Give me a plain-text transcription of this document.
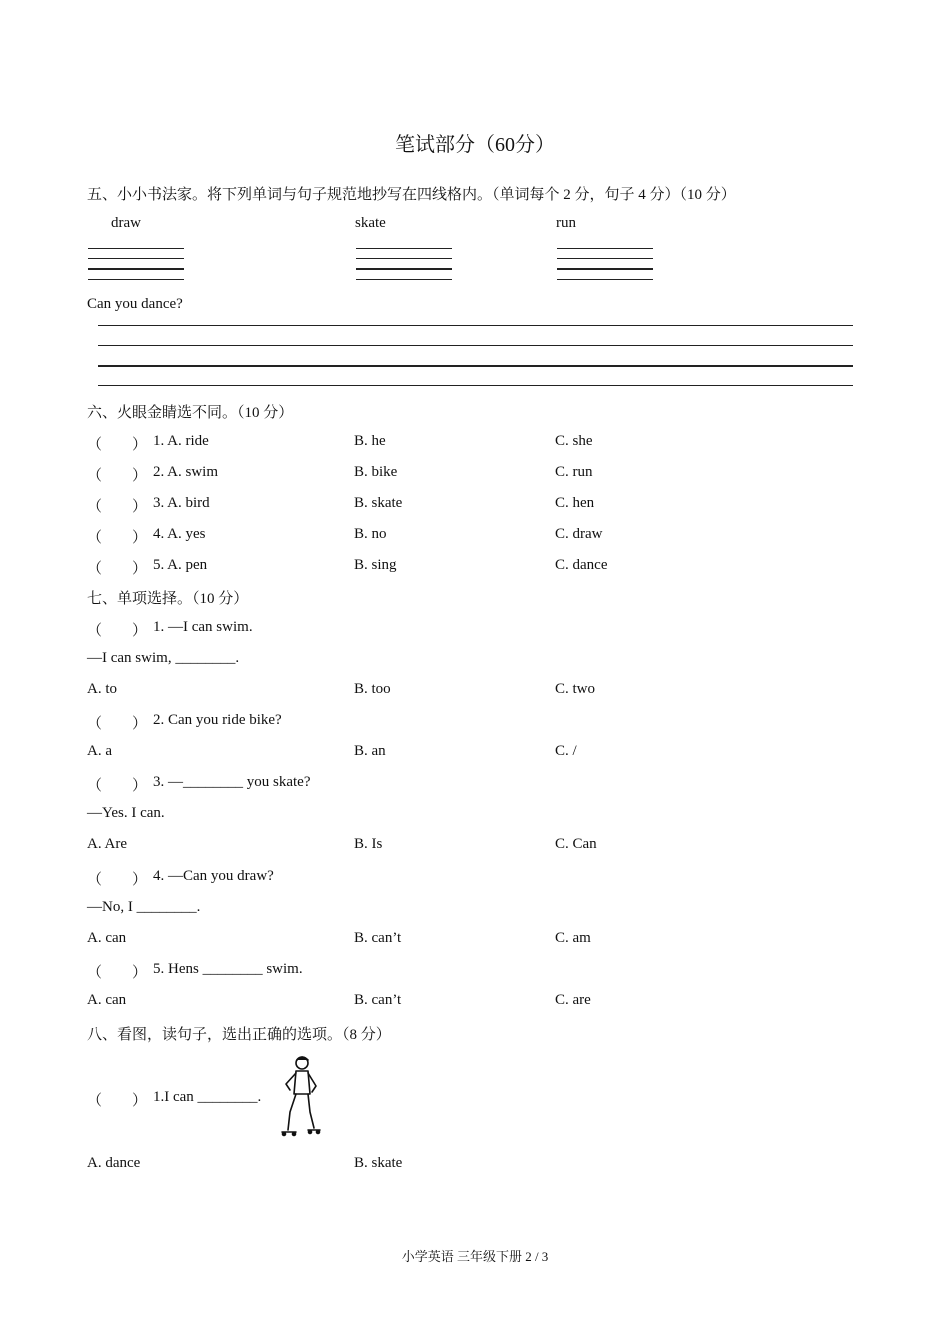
笔试部分（60分）
五、小小书法家。将下列单词与句子规范地抄写在四线格内。（单词每个 2 分，句子 4 分）（10 分）
draw	skate	run
Can you dance?
六、火眼金睛选不同。（10 分）
（　　） 1. A. ride	B. he	C. she
（　　） 2. A. swim	B. bike	C. run
（　　） 3. A. bird	B. skate	C. hen
（　　） 4. A. yes	B. no	C. draw
（　　） 5. A. pen	B. sing	C. dance
七、单项选择。（10 分）
（　　） 1. —I can swim.
—I can swim, ________.
A. to	B. too	C. two
（　　） 2. Can you ride bike?
A. a	B. an	C. /
（　　） 3. —________ you skate?
—Yes. I can.
A. Are	B. Is	C. Can
（　　） 4. —Can you draw?
—No, I ________.
A. can	B. can’t	C. am
（　　） 5. Hens ________ swim.
A. can	B. can’t	C. are
八、看图，读句子，选出正确的选项。（8 分）
（　　） 1.I can ________.
A. dance	B. skate
小学英语 三年级下册 2 / 3
